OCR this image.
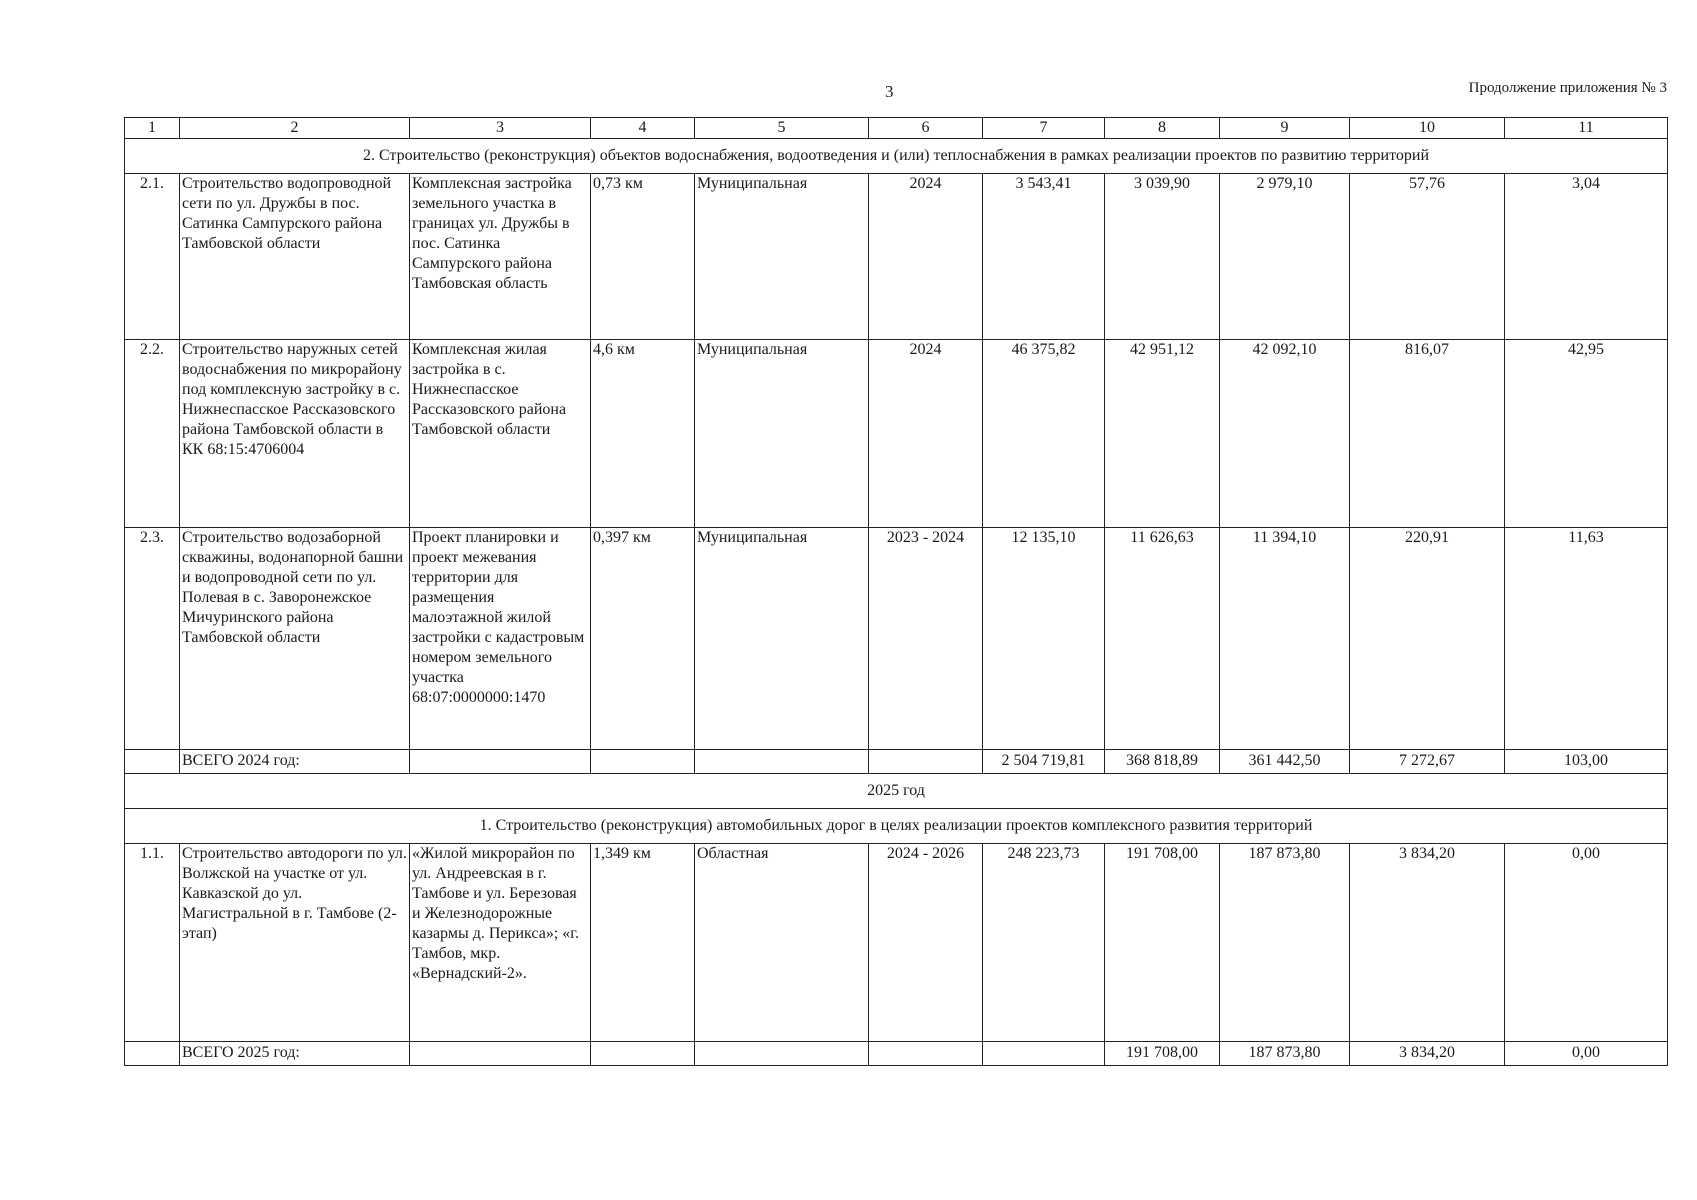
3	Продолжение приложения № 3
1	2	3	4	5	6	7	8	9	10	11
2. Строительство (реконструкция) объектов водоснабжения, водоотведения и (или) теплоснабжения в рамках реализации проектов по развитию территорий										
2.1.	Строительство водопроводной сети по ул. Дружбы в пос. Сатинка Сампурского района Тамбовской области	Комплексная застройка земельного участка в границах ул. Дружбы в пос. Сатинка Сампурского района Тамбовская область	0,73 км	Муниципальная	2024	3 543,41	3 039,90	2 979,10	57,76	3,04
2.2.	Строительство наружных сетей водоснабжения по микрорайону под комплексную застройку в с. Нижнеспасское Рассказовского района Тамбовской области в КК 68:15:4706004	Комплексная жилая застройка в с. Нижнеспасское Рассказовского района Тамбовской области	4,6 км	Муниципальная	2024	46 375,82	42 951,12	42 092,10	816,07	42,95
2.3.	Строительство водозаборной скважины, водонапорной башни и водопроводной сети по ул. Полевая в с. Заворонежское Мичуринского района Тамбовской области	Проект планировки и проект межевания территории для размещения малоэтажной жилой застройки с кадастровым номером земельного участка 68:07:0000000:1470	0,397 км	Муниципальная	2023 - 2024	12 135,10	11 626,63	11 394,10	220,91	11,63
	ВСЕГО 2024 год:					2 504 719,81	368 818,89	361 442,50	7 272,67	103,00
2025 год										
1. Строительство (реконструкция) автомобильных дорог в целях реализации проектов комплексного развития территорий										
1.1.	Строительство автодороги по ул. Волжской на участке от ул. Кавказской до ул. Магистральной в г. Тамбове (2-этап)	«Жилой микрорайон по ул. Андреевская в г. Тамбове и ул. Березовая и Железнодорожные казармы д. Перикса»; «г. Тамбов, мкр. «Вернадский-2».	1,349 км	Областная	2024 - 2026	248 223,73	191 708,00	187 873,80	3 834,20	0,00
	ВСЕГО 2025 год:						191 708,00	187 873,80	3 834,20	0,00
